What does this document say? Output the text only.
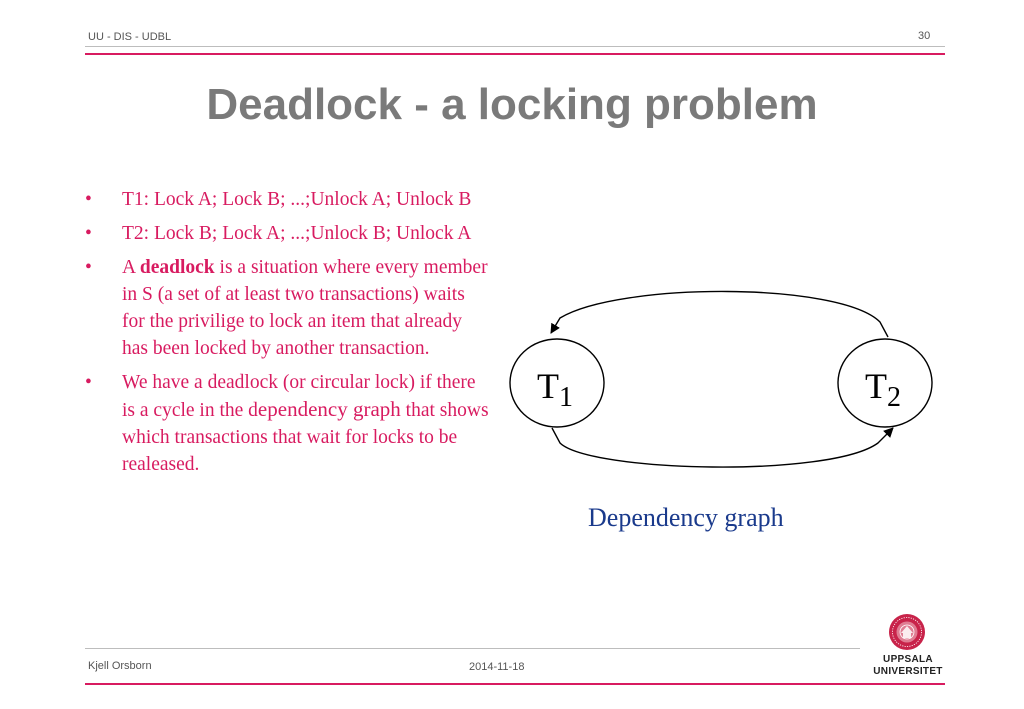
UU - DIS - UDBL	30
Deadlock - a locking problem
• T1: Lock A; Lock B; ...;Unlock A; Unlock B
• T2: Lock B; Lock A; ...;Unlock B; Unlock A
• A deadlock is a situation where every member in S (a set of at least two transactions) waits for the privilige to lock an item that already has been locked by another transaction.
• We have a deadlock (or circular lock) if there is a cycle in the dependency graph that shows which transactions that wait for locks to be realeased.
$T_1$	$T_2$
Dependency graph
Kjell Orsborn	2014-11-18
UPPSALA
UNIVERSITET
